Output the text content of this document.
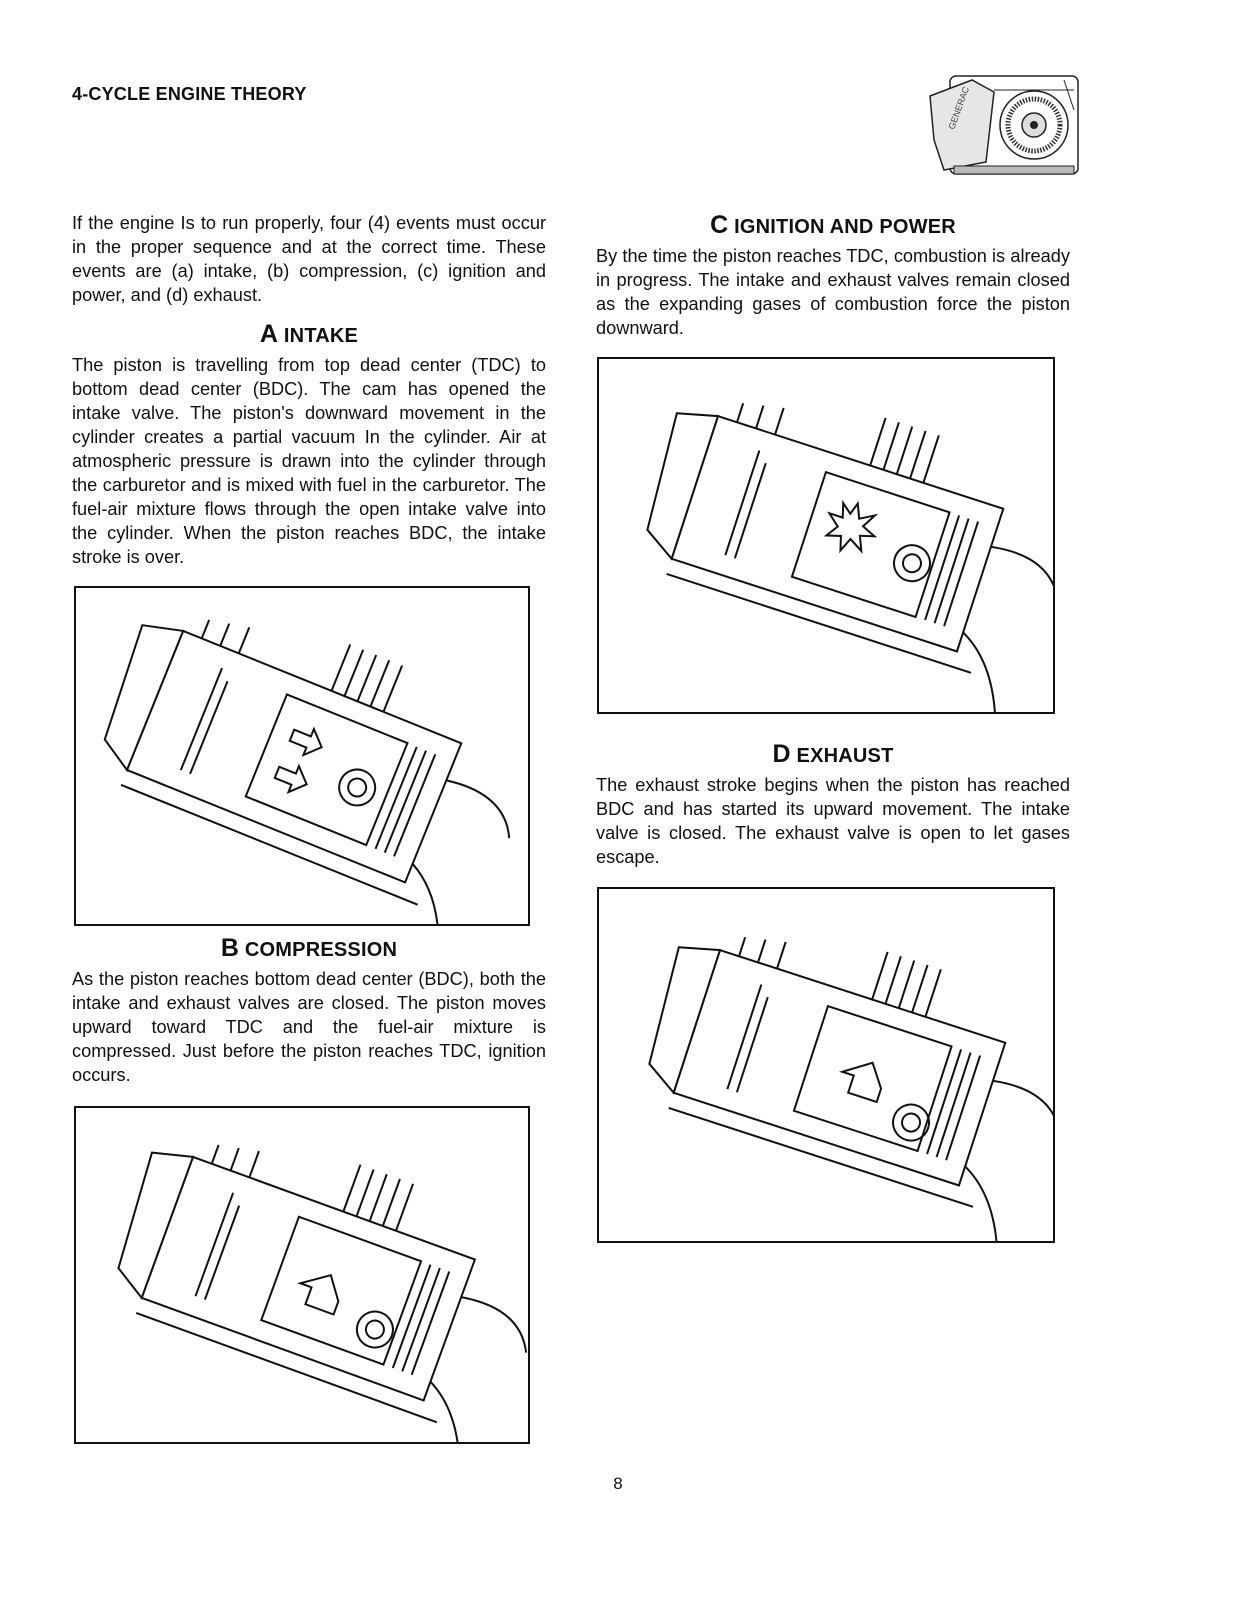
4-CYCLE ENGINE THEORY	GENERAC

If the engine Is to run properly, four (4) events must occur in the proper sequence and at the correct time. These events are (a) intake, (b) compression, (c) ignition and power, and (d) exhaust.

A INTAKE

The piston is travelling from top dead center (TDC) to bottom dead center (BDC). The cam has opened the intake valve. The piston's downward movement in the cylinder creates a partial vacuum In the cylinder. Air at atmospheric pressure is drawn into the cylinder through the carburetor and is mixed with fuel in the carburetor. The fuel-air mixture flows through the open intake valve into the cylinder. When the piston reaches BDC, the intake stroke is over.

B COMPRESSION

As the piston reaches bottom dead center (BDC), both the intake and exhaust valves are closed. The piston moves upward toward TDC and the fuel-air mixture is compressed. Just before the piston reaches TDC, ignition occurs.

C IGNITION AND POWER

By the time the piston reaches TDC, combustion is already in progress. The intake and exhaust valves remain closed as the expanding gases of combustion force the piston downward.

D EXHAUST

The exhaust stroke begins when the piston has reached BDC and has started its upward movement. The intake valve is closed. The exhaust valve is open to let gases escape.

8
